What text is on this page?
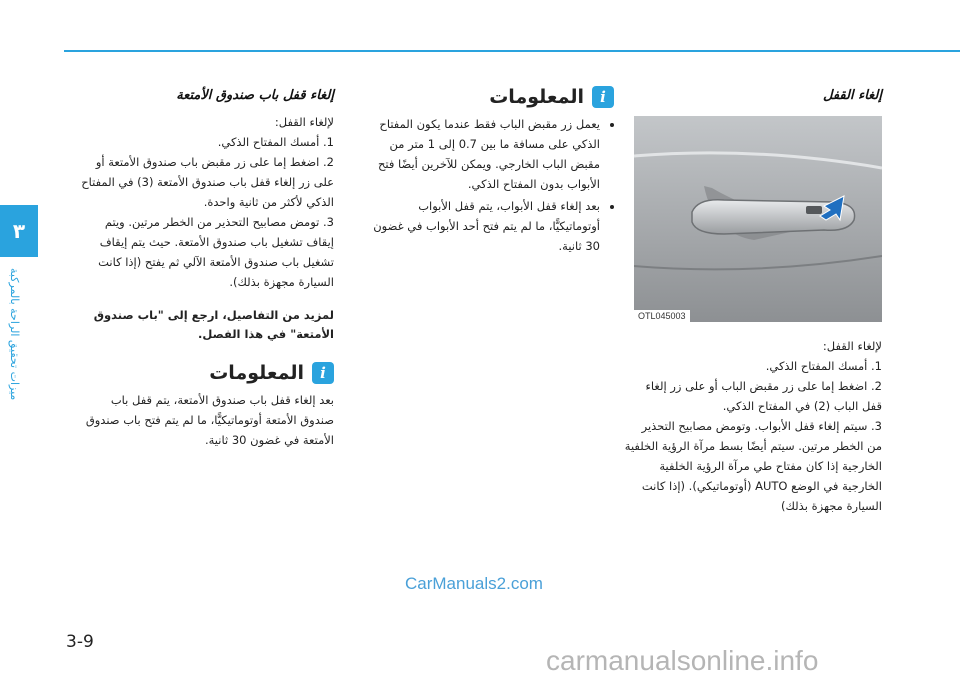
٣
ميزات تحقيق الراحة بالمركبة
إلغاء القفل
OTL045003

لإلغاء القفل:

1. أمسك المفتاح الذكي.
2. اضغط إما على زر مقبض الباب أو على زر إلغاء قفل الباب (2) في المفتاح الذكي.
3. سيتم إلغاء قفل الأبواب. وتومض مصابيح التحذير من الخطر مرتين. سيتم أيضًا بسط مرآة الرؤية الخلفية الخارجية إذا كان مفتاح طي مرآة الرؤية الخلفية الخارجية في الوضع AUTO (أوتوماتيكي). (إذا كانت السيارة مجهزة بذلك)
i
المعلومات
• يعمل زر مقبض الباب فقط عندما يكون المفتاح الذكي على مسافة ما بين 0.7 إلى 1 متر من مقبض الباب الخارجي. ويمكن للآخرين أيضًا فتح الأبواب بدون المفتاح الذكي.
• بعد إلغاء قفل الأبواب، يتم قفل الأبواب أوتوماتيكيًّا، ما لم يتم فتح أحد الأبواب في غضون 30 ثانية.
إلغاء قفل باب صندوق الأمتعة

لإلغاء القفل:

1. أمسك المفتاح الذكي.
2. اضغط إما على زر مقبض باب صندوق الأمتعة أو على زر إلغاء قفل باب صندوق الأمتعة (3) في المفتاح الذكي لأكثر من ثانية واحدة.
3. تومض مصابيح التحذير من الخطر مرتين. ويتم إيقاف تشغيل باب صندوق الأمتعة. حيث يتم إيقاف تشغيل باب صندوق الأمتعة الآلي ثم يفتح (إذا كانت السيارة مجهزة بذلك).

لمزيد من التفاصيل، ارجع إلى "باب صندوق الأمتعة" في هذا الفصل.

i
المعلومات

بعد إلغاء قفل باب صندوق الأمتعة، يتم قفل باب صندوق الأمتعة أوتوماتيكيًّا، ما لم يتم فتح باب صندوق الأمتعة في غضون 30 ثانية.

CarManuals2.com
3-9
carmanualsonline.info
